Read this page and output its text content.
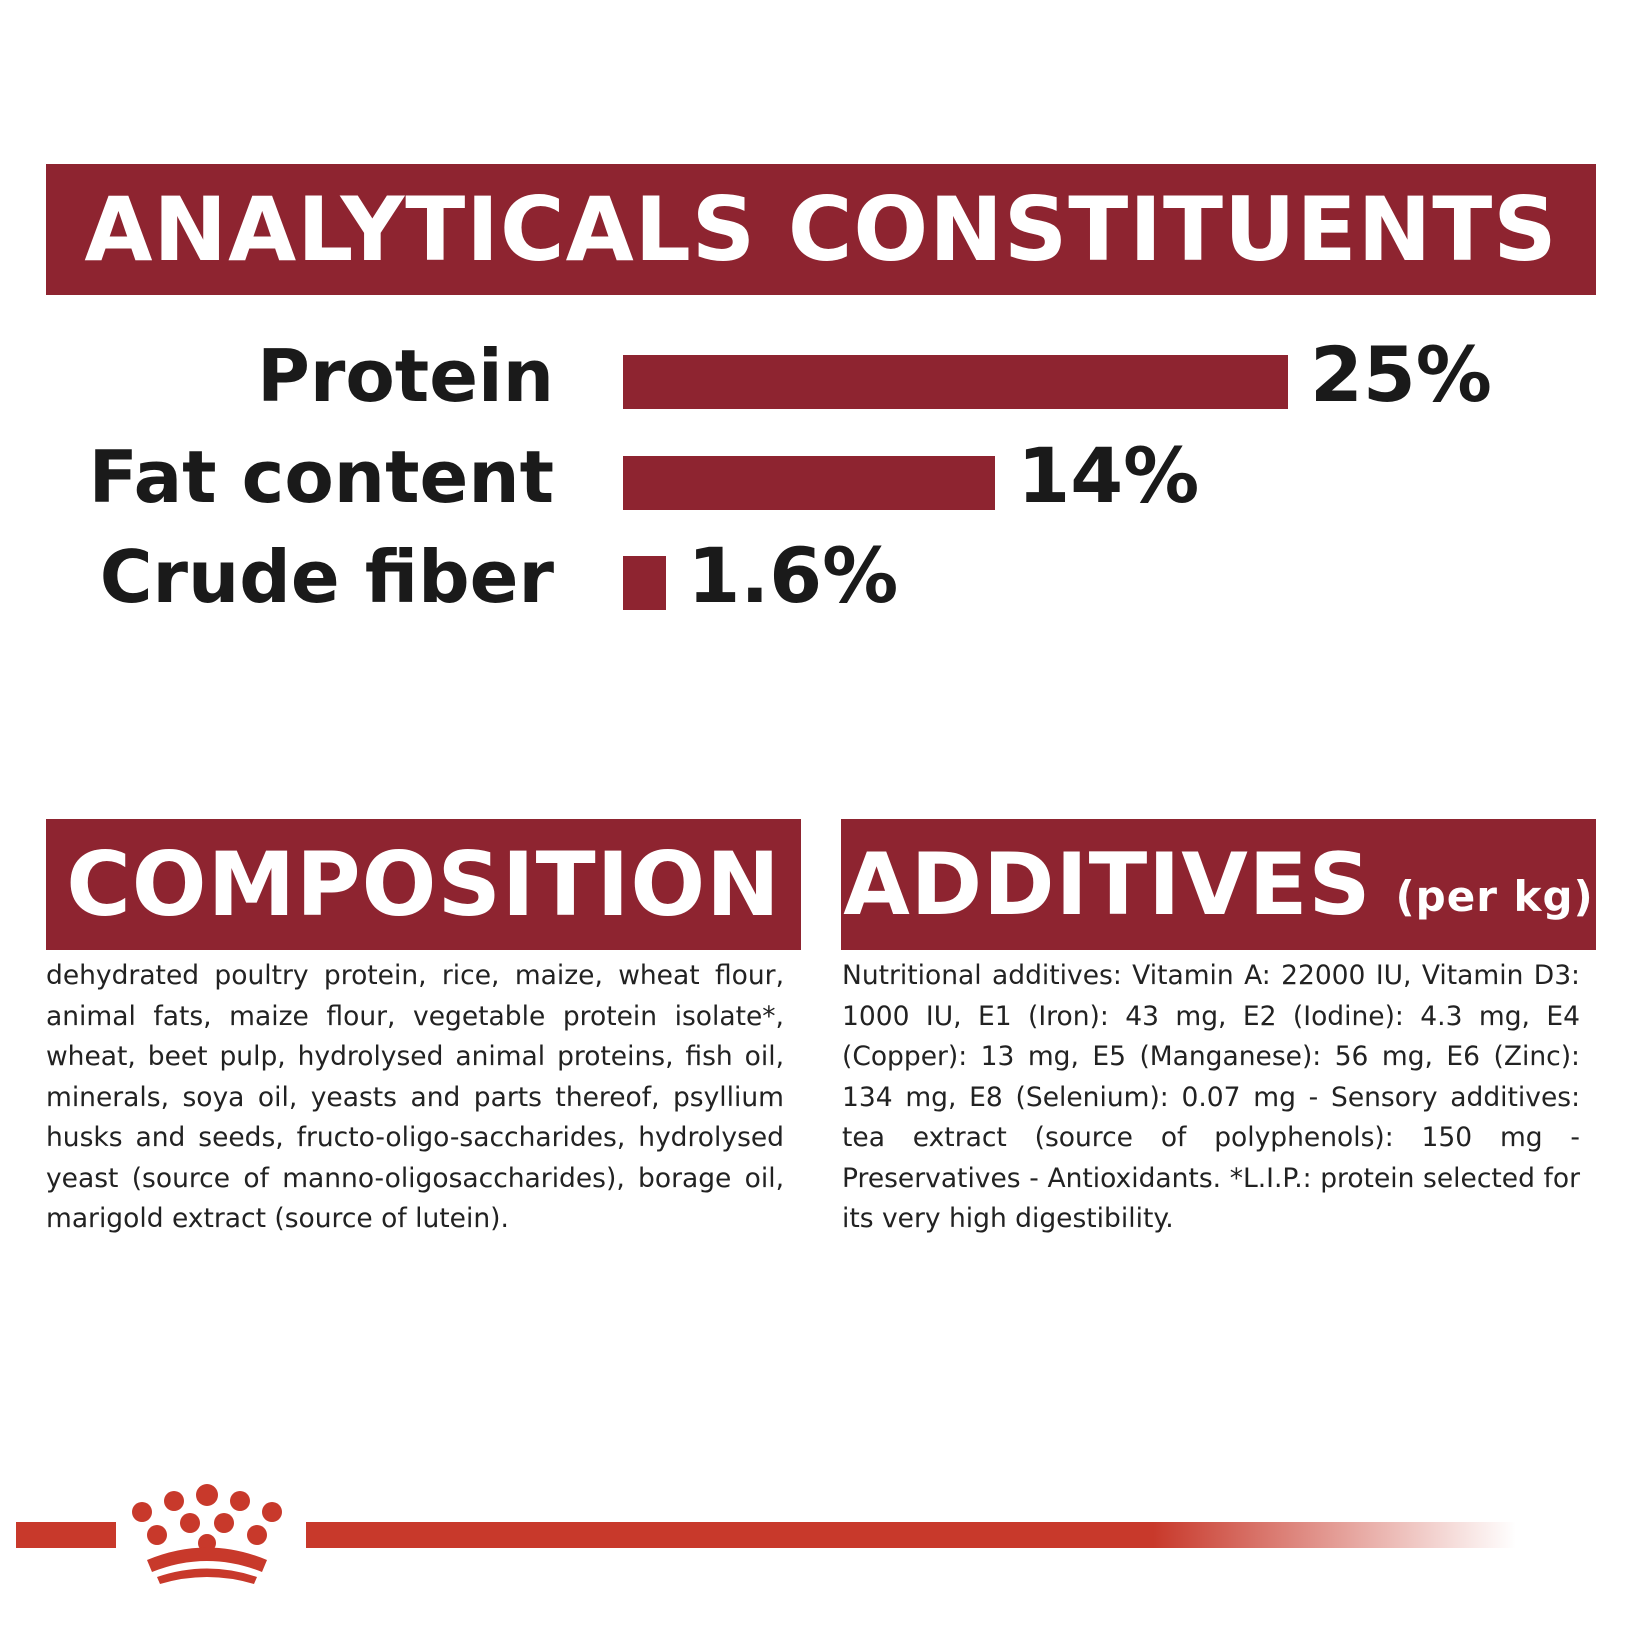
ANALYTICALS CONSTITUENTS
Protein	25%
Fat content	14%
Crude fiber 1.6%
COMPOSITION ADDITIVES (per kg)
dehydrated poultry protein, rice, maize, wheat flour, animal fats, maize flour, vegetable protein isolate*, wheat, beet pulp, hydrolysed animal proteins, fish oil, minerals, soya oil, yeasts and parts thereof, psyllium husks and seeds, fructo-oligo-saccharides, hydrolysed yeast (source of manno-oligosaccharides), borage oil, marigold extract (source of lutein).
Nutritional additives: Vitamin A: 22000 IU, Vitamin D3: 1000 IU, E1 (Iron): 43 mg, E2 (Iodine): 4.3 mg, E4 (Copper): 13 mg, E5 (Manganese): 56 mg, E6 (Zinc): 134 mg, E8 (Selenium): 0.07 mg - Sensory additives: tea extract (source of polyphenols): 150 mg - Preservatives - Antioxidants. *L.I.P.: protein selected for its very high digestibility.
